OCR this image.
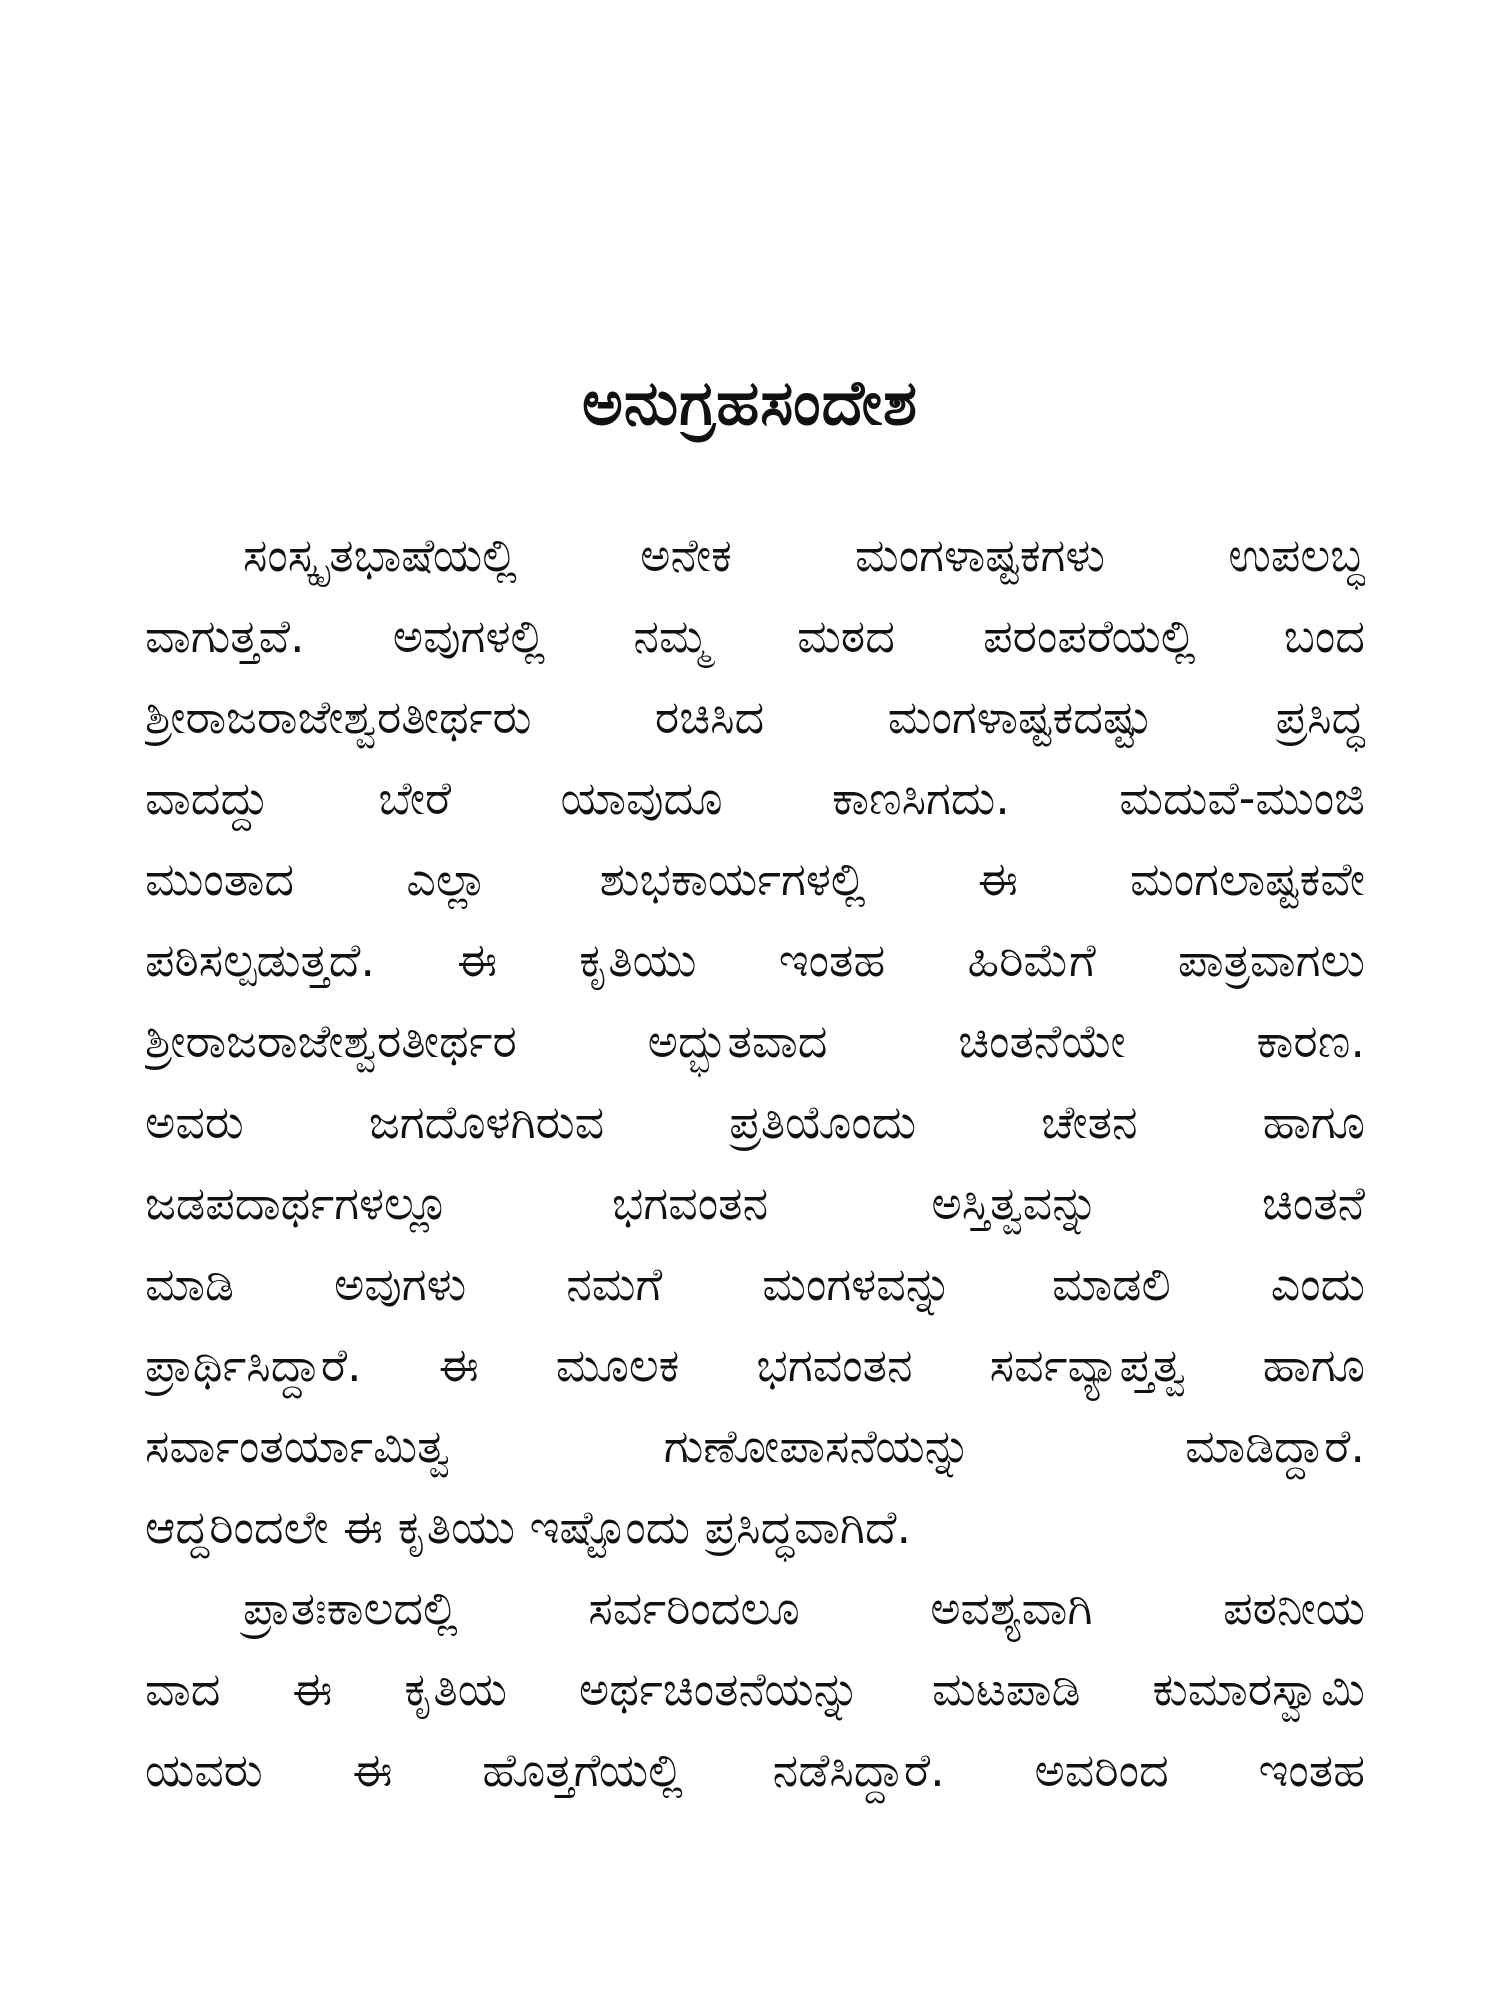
ಅನುಗ್ರಹಸಂದೇಶ
ಸಂಸ್ಕೃತಭಾಷೆಯಲ್ಲಿ ಅನೇಕ ಮಂಗಳಾಷ್ಟಕಗಳು ಉಪಲಬ್ಧ
ವಾಗುತ್ತವೆ. ಅವುಗಳಲ್ಲಿ ನಮ್ಮ ಮಠದ ಪರಂಪರೆಯಲ್ಲಿ ಬಂದ
ಶ್ರೀರಾಜರಾಜೇಶ್ವರತೀರ್ಥರು ರಚಿಸಿದ ಮಂಗಳಾಷ್ಟಕದಷ್ಟು ಪ್ರಸಿದ್ಧ
ವಾದದ್ದು ಬೇರೆ ಯಾವುದೂ ಕಾಣಸಿಗದು. ಮದುವೆ-ಮುಂಜಿ
ಮುಂತಾದ ಎಲ್ಲಾ ಶುಭಕಾರ್ಯಗಳಲ್ಲಿ ಈ ಮಂಗಲಾಷ್ಟಕವೇ
ಪಠಿಸಲ್ಪಡುತ್ತದೆ. ಈ ಕೃತಿಯು ಇಂತಹ ಹಿರಿಮೆಗೆ ಪಾತ್ರವಾಗಲು
ಶ್ರೀರಾಜರಾಜೇಶ್ವರತೀರ್ಥರ ಅದ್ಭುತವಾದ ಚಿಂತನೆಯೇ ಕಾರಣ.
ಅವರು ಜಗದೊಳಗಿರುವ ಪ್ರತಿಯೊಂದು ಚೇತನ ಹಾಗೂ
ಜಡಪದಾರ್ಥಗಳಲ್ಲೂ ಭಗವಂತನ ಅಸ್ತಿತ್ವವನ್ನು ಚಿಂತನೆ
ಮಾಡಿ ಅವುಗಳು ನಮಗೆ ಮಂಗಳವನ್ನು ಮಾಡಲಿ ಎಂದು
ಪ್ರಾರ್ಥಿಸಿದ್ದಾರೆ. ಈ ಮೂಲಕ ಭಗವಂತನ ಸರ್ವವ್ಯಾಪ್ತತ್ವ ಹಾಗೂ
ಸರ್ವಾಂತರ್ಯಾಮಿತ್ವ ಗುಣೋಪಾಸನೆಯನ್ನು ಮಾಡಿದ್ದಾರೆ.
ಆದ್ದರಿಂದಲೇ ಈ ಕೃತಿಯು ಇಷ್ಟೊಂದು ಪ್ರಸಿದ್ಧವಾಗಿದೆ.
ಪ್ರಾತಃಕಾಲದಲ್ಲಿ ಸರ್ವರಿಂದಲೂ ಅವಶ್ಯವಾಗಿ ಪಠನೀಯ
ವಾದ ಈ ಕೃತಿಯ ಅರ್ಥಚಿಂತನೆಯನ್ನು ಮಟಪಾಡಿ ಕುಮಾರಸ್ವಾಮಿ
ಯವರು ಈ ಹೊತ್ತಗೆಯಲ್ಲಿ ನಡೆಸಿದ್ದಾರೆ. ಅವರಿಂದ ಇಂತಹ
